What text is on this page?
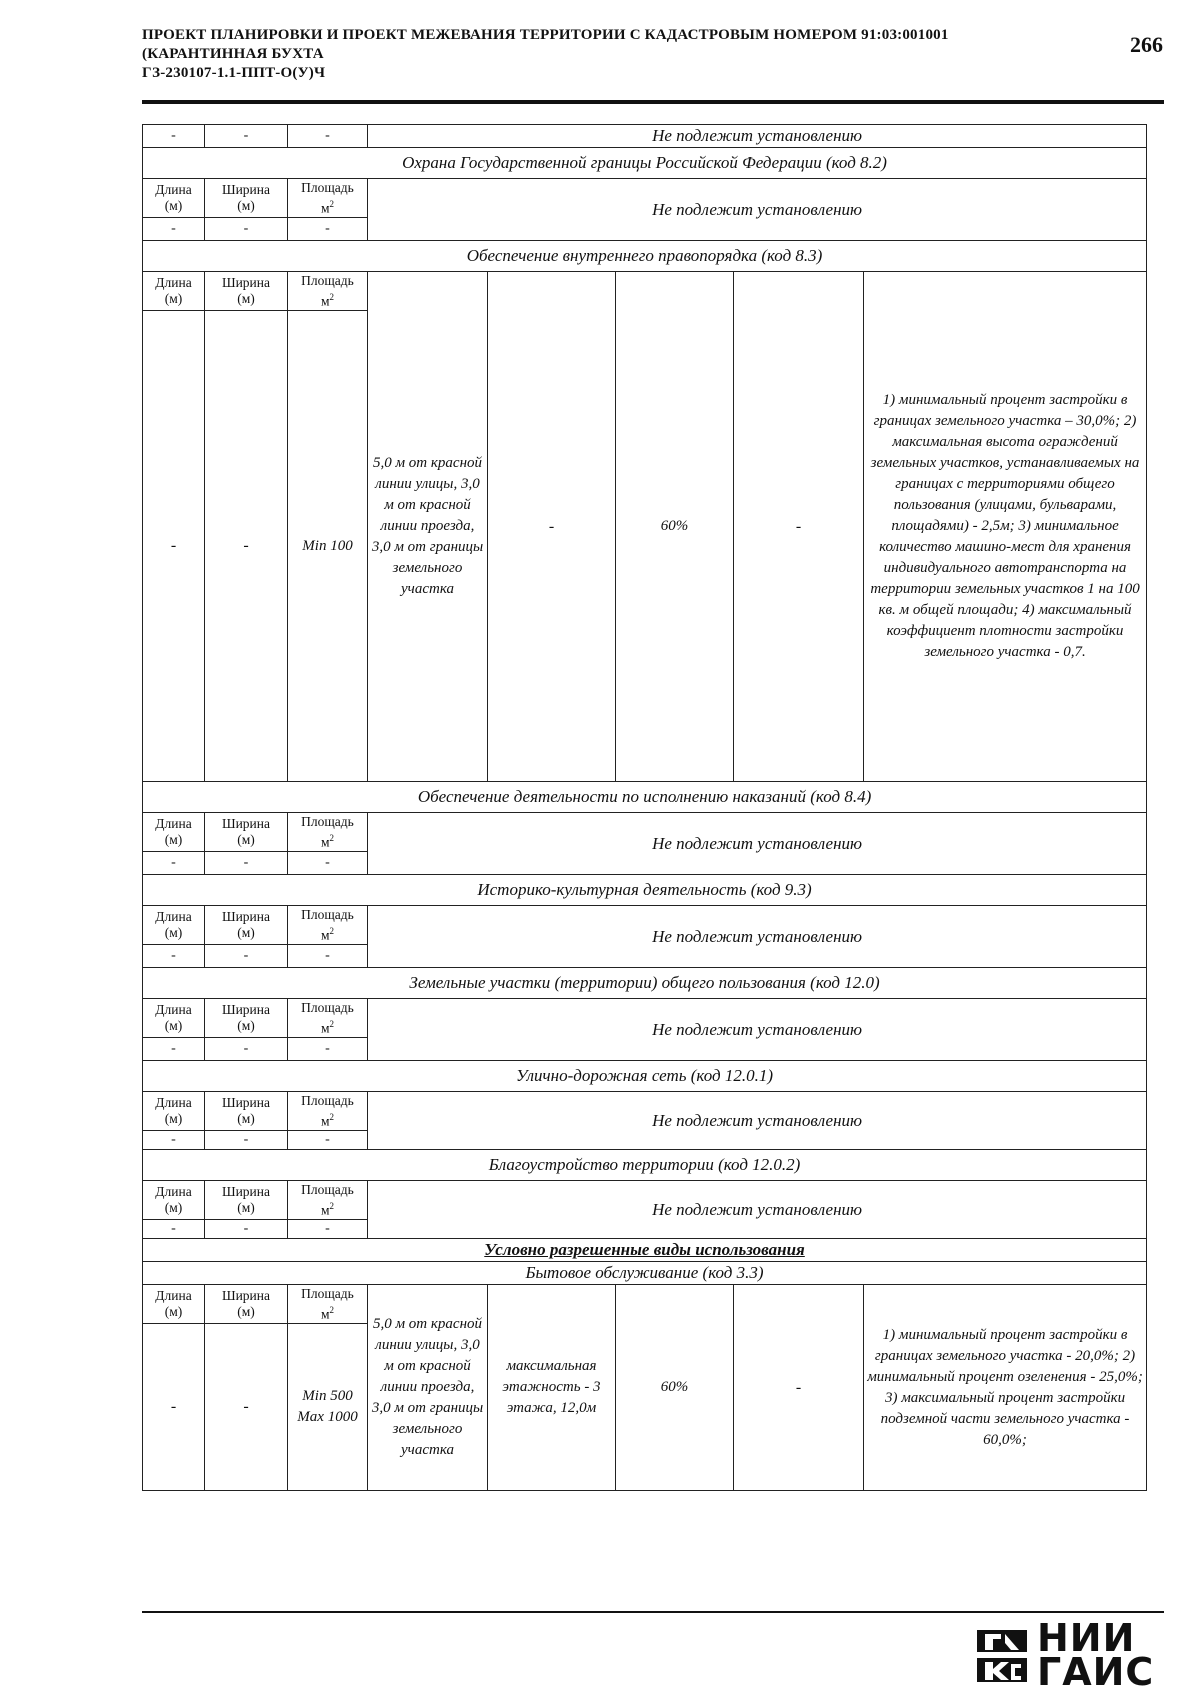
ПРОЕКТ ПЛАНИРОВКИ И ПРОЕКТ МЕЖЕВАНИЯ ТЕРРИТОРИИ С КАДАСТРОВЫМ НОМЕРОМ 91:03:001001
(КАРАНТИННАЯ БУХТА
ГЗ-230107-1.1-ППТ-О(У)Ч
266
-	-	-	Не подлежит установлению				
Охрана Государственной границы Российской Федерации (код 8.2)							
Длина
(м)	Ширина
(м)	Площадь
$м^2$	Не подлежит установлению				
-	-	-					
Обеспечение внутреннего правопорядка (код 8.3)							
Длина
(м)	Ширина
(м)	Площадь
$м^2$	5,0 м от красной линии улицы, 3,0 м от красной линии проезда, 3,0 м от границы земельного участка	-	60%	-	1) минимальный процент застройки в границах земельного участка – 30,0%; 2) максимальная высота ограждений земельных участков, устанавливаемых на границах с территориями общего пользования (улицами, бульварами, площадями) - 2,5м; 3) минимальное количество машино-мест для хранения индивидуального автотранспорта на территории земельных участков 1 на 100 кв. м общей площади; 4) максимальный коэффициент плотности застройки земельного участка - 0,7.
-	-	Min 100					
Обеспечение деятельности по исполнению наказаний (код 8.4)							
Длина
(м)	Ширина
(м)	Площадь
$м^2$	Не подлежит установлению				
-	-	-					
Историко-культурная деятельность (код 9.3)							
Длина
(м)	Ширина
(м)	Площадь
$м^2$	Не подлежит установлению				
-	-	-					
Земельные участки (территории) общего пользования (код 12.0)							
Длина
(м)	Ширина
(м)	Площадь
$м^2$	Не подлежит установлению				
-	-	-					
Улично-дорожная сеть (код 12.0.1)							
Длина
(м)	Ширина
(м)	Площадь
$м^2$	Не подлежит установлению				
-	-	-					
Благоустройство территории (код 12.0.2)							
Длина
(м)	Ширина
(м)	Площадь
$м^2$	Не подлежит установлению				
-	-	-					
Условно разрешенные виды использования							
Бытовое обслуживание (код 3.3)							
Длина
(м)	Ширина
(м)	Площадь
$м^2$	5,0 м от красной линии улицы, 3,0 м от красной линии проезда, 3,0 м от границы земельного участка	максимальная этажность - 3 этажа, 12,0м	60%	-	1) минимальный процент застройки в границах земельного участка - 20,0%; 2) минимальный процент озеленения - 25,0%; 3) максимальный процент застройки подземной части земельного участка - 60,0%;
-	-	Min 500
Max 1000					
НИИ
ГАИС
